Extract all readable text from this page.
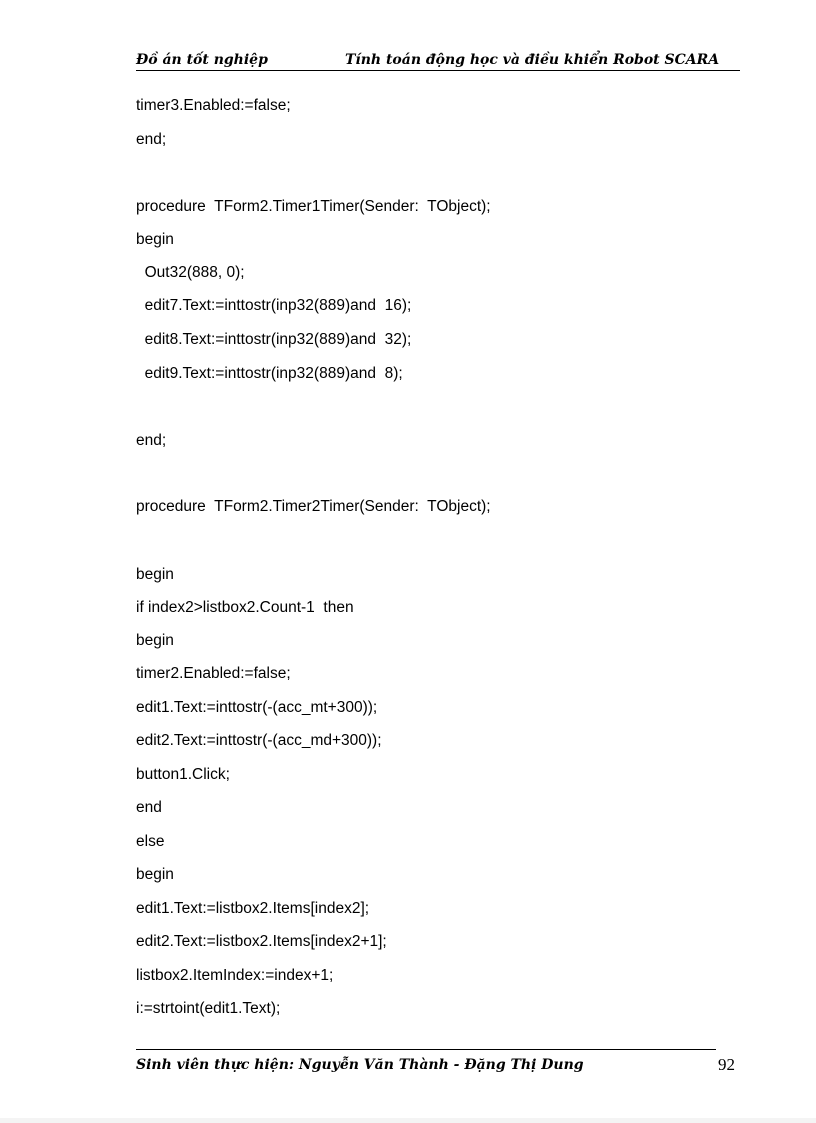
Đồ án tốt nghiệp	Tính toán động học và điều khiển Robot SCARA
timer3.Enabled:=false;
end;
procedure  TForm2.Timer1Timer(Sender:  TObject);
begin
Out32(888, 0);
edit7.Text:=inttostr(inp32(889)and  16);
edit8.Text:=inttostr(inp32(889)and  32);
edit9.Text:=inttostr(inp32(889)and  8);
end;
procedure  TForm2.Timer2Timer(Sender:  TObject);
begin
if index2>listbox2.Count-1  then
begin
timer2.Enabled:=false;
edit1.Text:=inttostr(-(acc_mt+300));
edit2.Text:=inttostr(-(acc_md+300));
button1.Click;
end
else
begin
edit1.Text:=listbox2.Items[index2];
edit2.Text:=listbox2.Items[index2+1];
listbox2.ItemIndex:=index+1;
i:=strtoint(edit1.Text);
Sinh viên thực hiện: Nguyễn Văn Thành - Đặng Thị Dung	92
